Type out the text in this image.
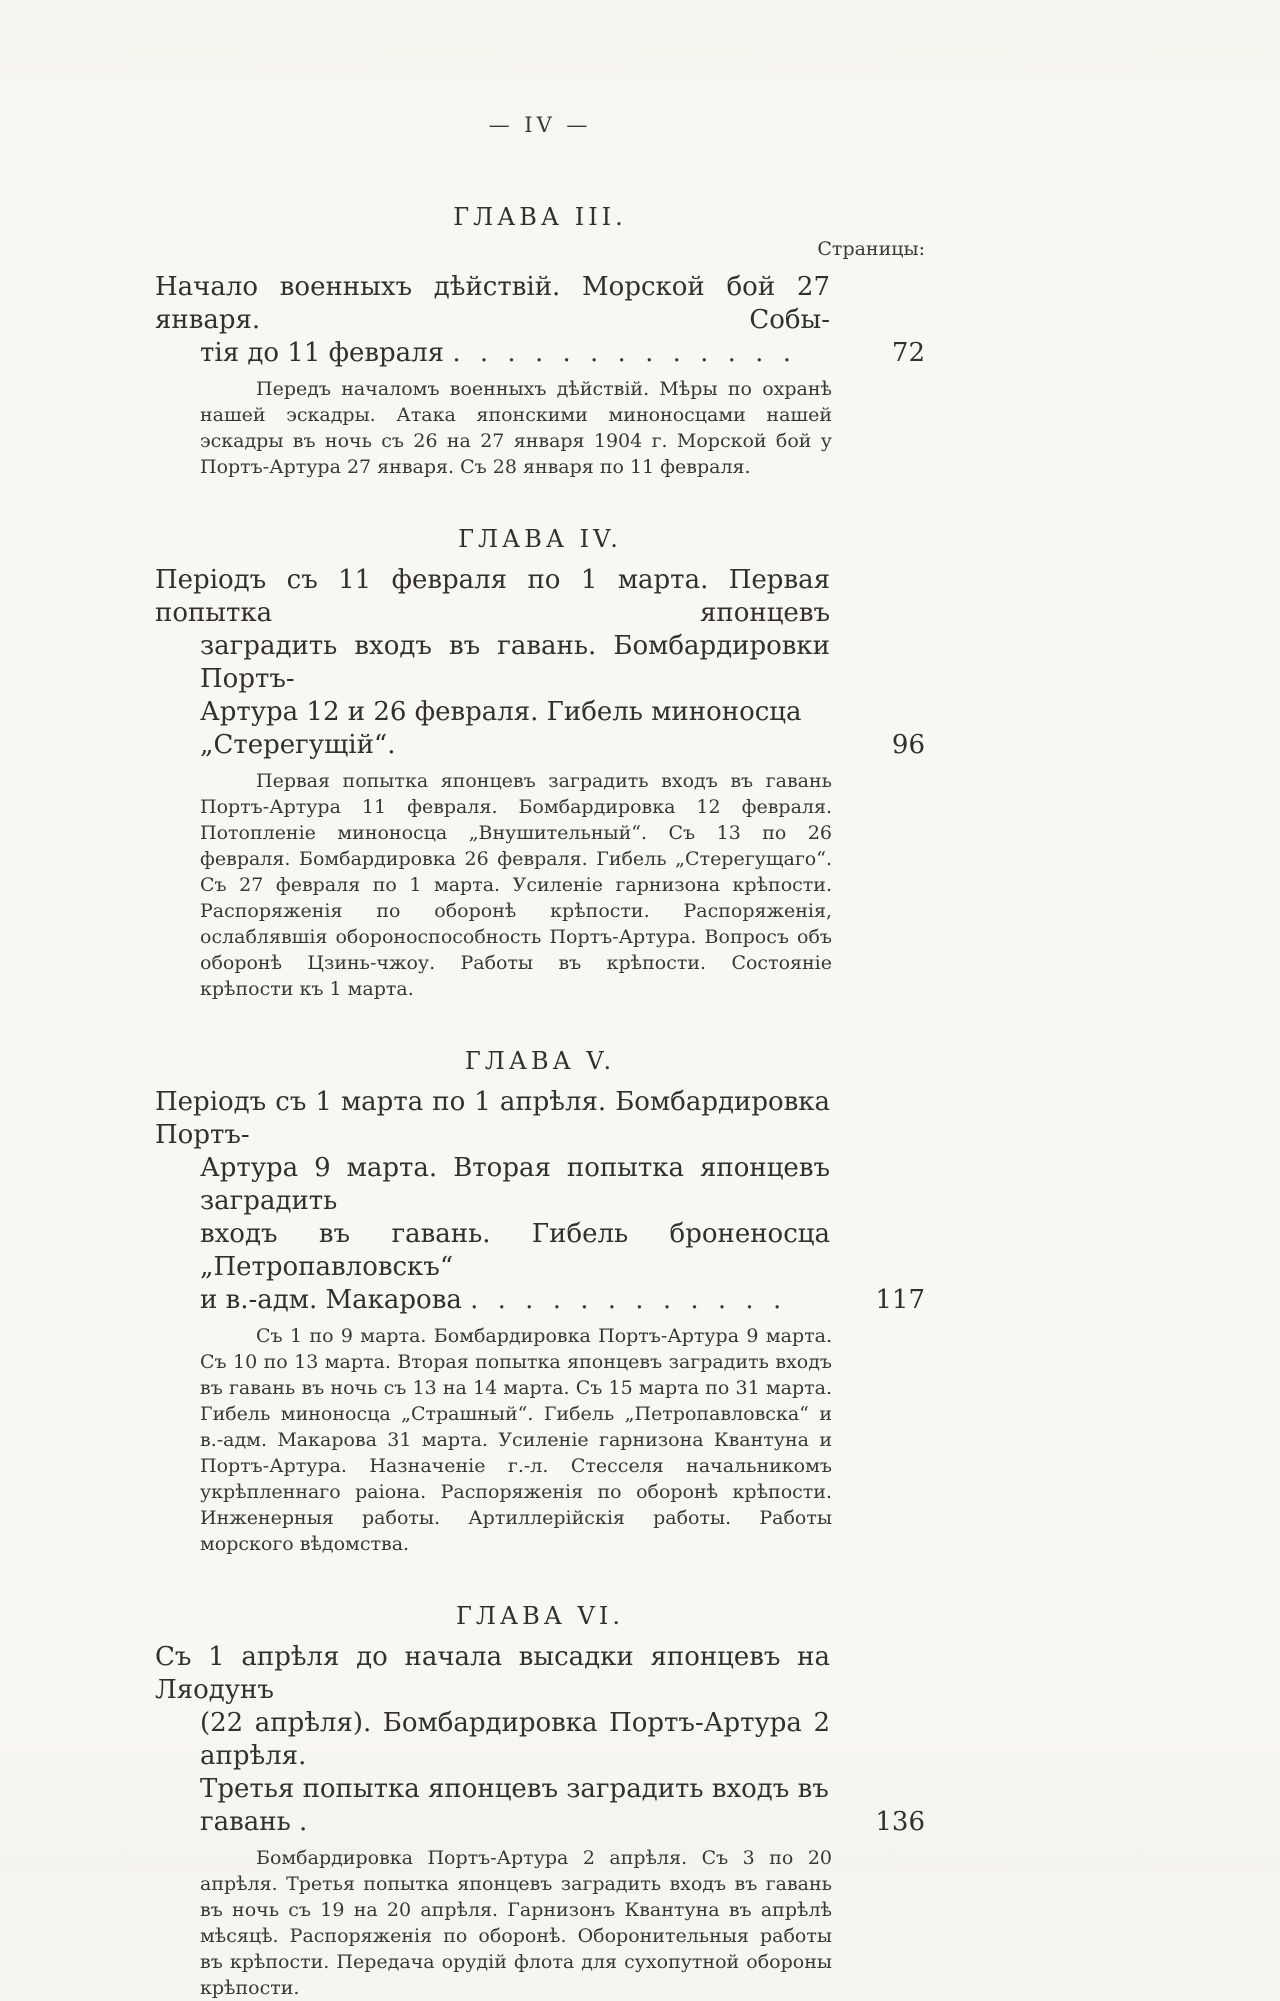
— IV —
ГЛАВА III.
Страницы:
Начало военныхъ дѣйствій. Морской бой 27 января. Собы-
тія до 11 февраля . . . . . . . . . . . . .	72

Передъ началомъ военныхъ дѣйствій. Мѣры по охранѣ нашей эскадры. Атака японскими миноносцами нашей эскадры въ ночь съ 26 на 27 января 1904 г. Морской бой у Портъ-Артура 27 января. Съ 28 января по 11 февраля.

ГЛАВА IV.
Періодъ съ 11 февраля по 1 марта. Первая попытка японцевъ
заградить входъ въ гавань. Бомбардировки Портъ-
Артура 12 и 26 февраля. Гибель миноносца „Стерегущій“.	96

Первая попытка японцевъ заградить входъ въ гавань Портъ-Артура 11 февраля. Бомбардировка 12 февраля. Потопленіе миноносца „Внушительный“. Съ 13 по 26 февраля. Бомбардировка 26 февраля. Гибель „Стерегущаго“. Съ 27 февраля по 1 марта. Усиленіе гарнизона крѣпости. Распоряженія по оборонѣ крѣпости. Распоряженія, ослаблявшія обороноспособность Портъ-Артура. Вопросъ объ оборонѣ Цзинь-чжоу. Работы въ крѣпости. Состояніе крѣпости къ 1 марта.

ГЛАВА V.
Періодъ съ 1 марта по 1 апрѣля. Бомбардировка Портъ-
Артура 9 марта. Вторая попытка японцевъ заградить
входъ въ гавань. Гибель броненосца „Петропавловскъ“
и в.-адм. Макарова . . . . . . . . . . . .	117

Съ 1 по 9 марта. Бомбардировка Портъ-Артура 9 марта. Съ 10 по 13 марта. Вторая попытка японцевъ заградить входъ въ гавань въ ночь съ 13 на 14 марта. Съ 15 марта по 31 марта. Гибель миноносца „Страшный“. Гибель „Петропавловска“ и в.-адм. Макарова 31 марта. Усиленіе гарнизона Квантуна и Портъ-Артура. Назначеніе г.-л. Стесселя начальникомъ укрѣпленнаго раіона. Распоряженія по оборонѣ крѣпости. Инженерныя работы. Артиллерійскія работы. Работы морского вѣдомства.

ГЛАВА VI.
Съ 1 апрѣля до начала высадки японцевъ на Ляодунъ
(22 апрѣля). Бомбардировка Портъ-Артура 2 апрѣля.
Третья попытка японцевъ заградить входъ въ гавань .	136

Бомбардировка Портъ-Артура 2 апрѣля. Съ 3 по 20 апрѣля. Третья попытка японцевъ заградить входъ въ гавань въ ночь съ 19 на 20 апрѣля. Гарнизонъ Квантуна въ апрѣлѣ мѣсяцѣ. Распоряженія по оборонѣ. Оборонительныя работы въ крѣпости. Передача орудій флота для сухопутной обороны крѣпости.
